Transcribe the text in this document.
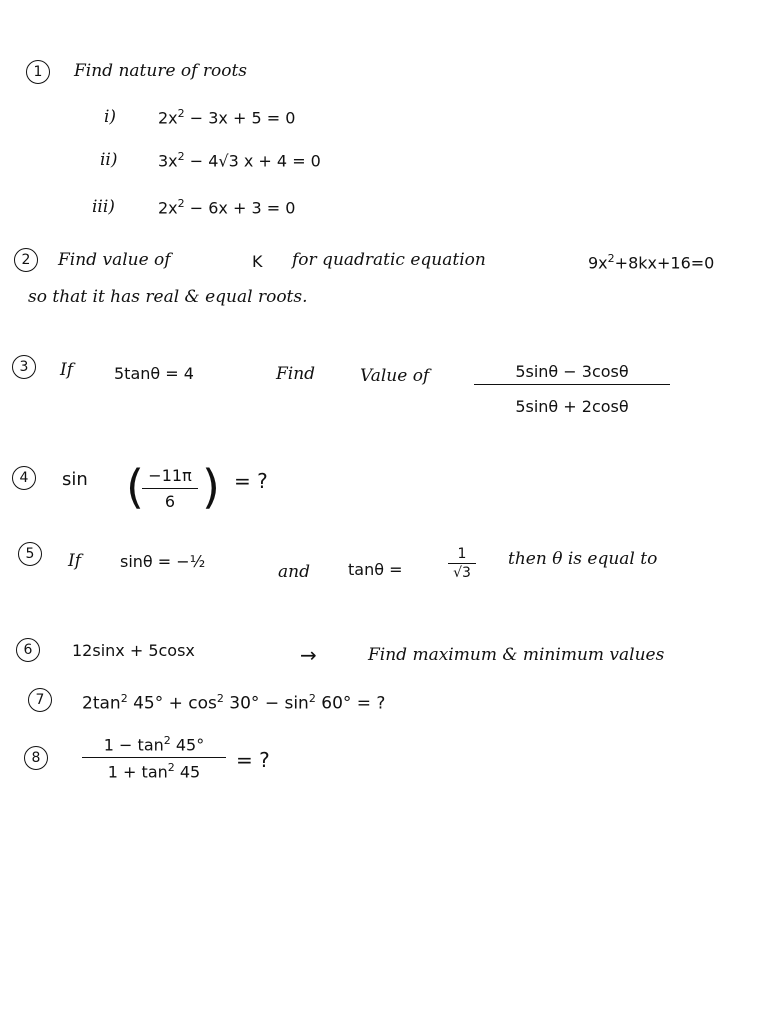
1	Find nature of roots
i)	$2x^2 - 3x + 5 = 0$
ii)	$3x^2 - 4√3$ x + 4 = 0
iii)	$2x^2 - 6x + 3 = 0$
2	Find value of	K for quadratic equation	$9x^2+8kx+16=0$
so that it has real & equal roots.
3	If	5tanθ = 4	Find	Value of	5sinθ − 3cosθ
5sinθ + 2cosθ
4	sin ( −11π
6 ) = ?
5	If sinθ = −½
and tanθ =
1
√3
then θ is equal to
6	12sinx + 5cosx	→	Find maximum & minimum values
7	$2\tan^2$ $45^\circ + \cos^2 30^\circ - \sin^2 60^\circ$ = ?
8
$1 - \tan^2 45^\circ$
$1 + \tan^2 45$
= ?
